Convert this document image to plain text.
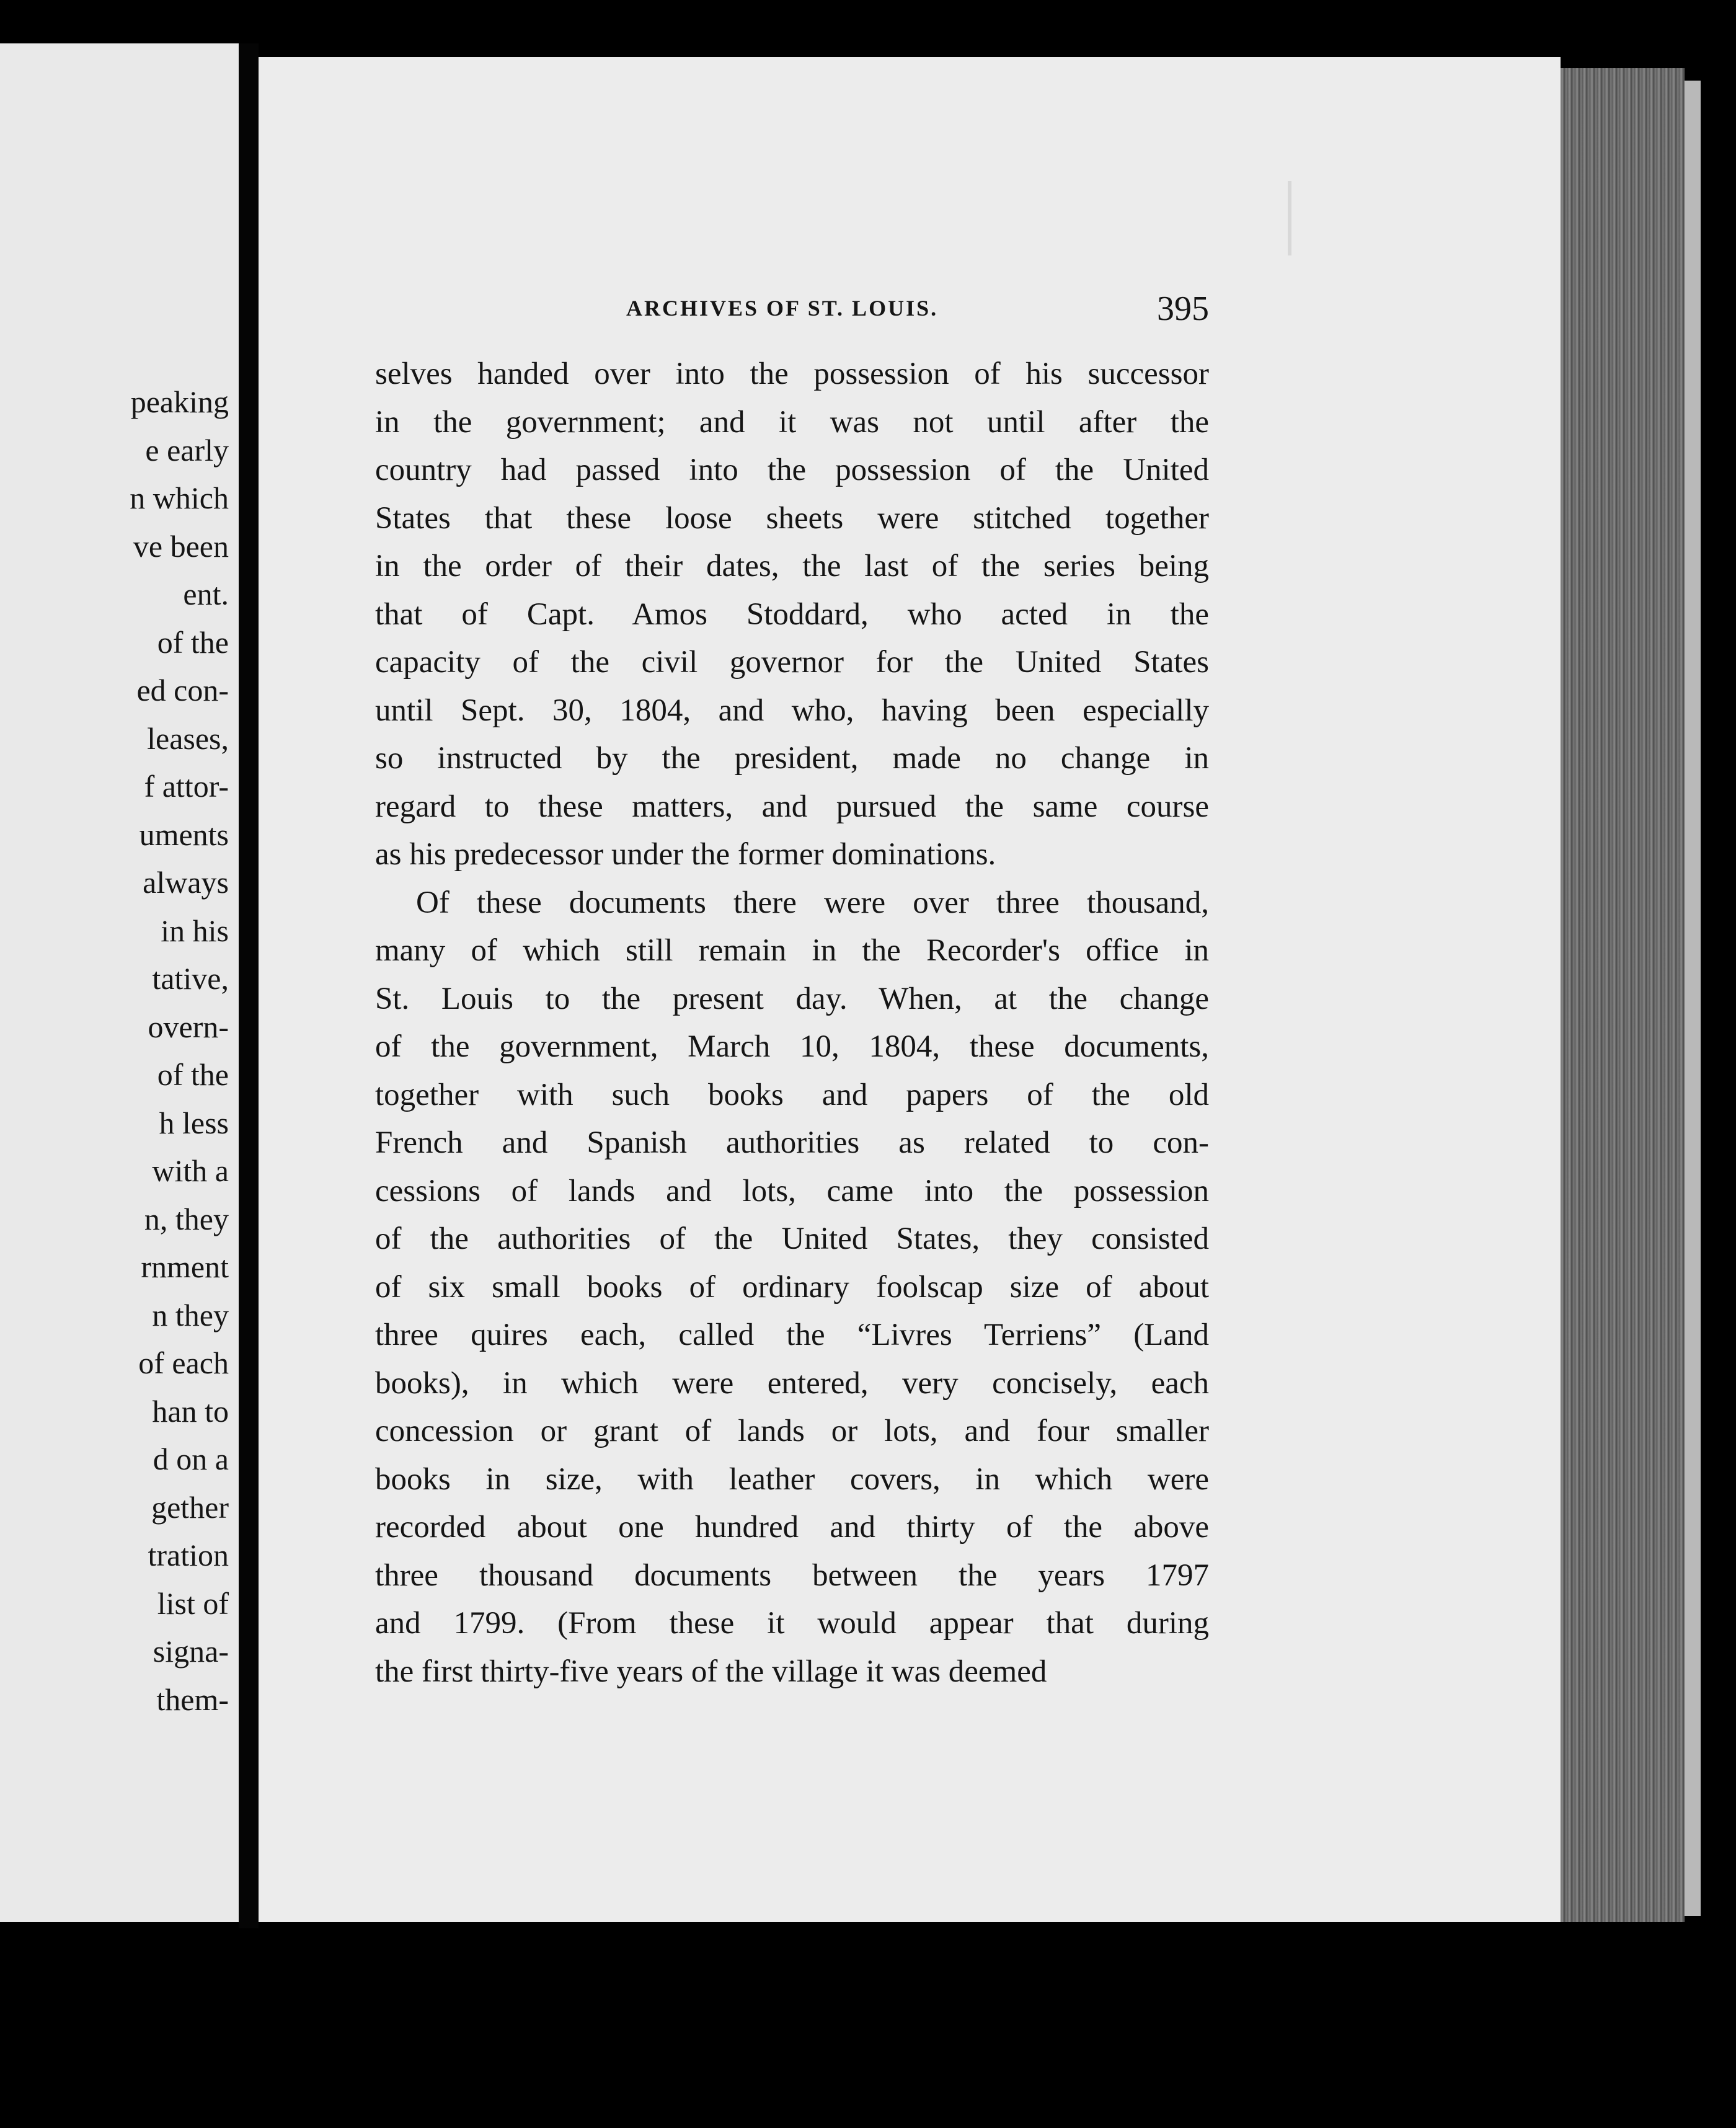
peaking
e early
n which
ve been
ent.
of the
ed con-
leases,
f attor-
uments
always
in his
tative,
overn-
of the
h less
with a
n, they
rnment
n they
of each
han to
d on a
gether
tration
list of
signa-
them-
ARCHIVES OF ST. LOUIS.	395
selves handed over into the possession of his successor
in the government; and it was not until after the
country had passed into the possession of the United
States that these loose sheets were stitched together
in the order of their dates, the last of the series being
that of Capt. Amos Stoddard, who acted in the
capacity of the civil governor for the United States
until Sept. 30, 1804, and who, having been especially
so instructed by the president, made no change in
regard to these matters, and pursued the same course
as his predecessor under the former dominations.
Of these documents there were over three thousand,
many of which still remain in the Recorder's office in
St. Louis to the present day. When, at the change
of the government, March 10, 1804, these documents,
together with such books and papers of the old
French and Spanish authorities as related to con-
cessions of lands and lots, came into the possession
of the authorities of the United States, they consisted
of six small books of ordinary foolscap size of about
three quires each, called the “Livres Terriens” (Land
books), in which were entered, very concisely, each
concession or grant of lands or lots, and four smaller
books in size, with leather covers, in which were
recorded about one hundred and thirty of the above
three thousand documents between the years 1797
and 1799. (From these it would appear that during
the first thirty-five years of the village it was deemed
